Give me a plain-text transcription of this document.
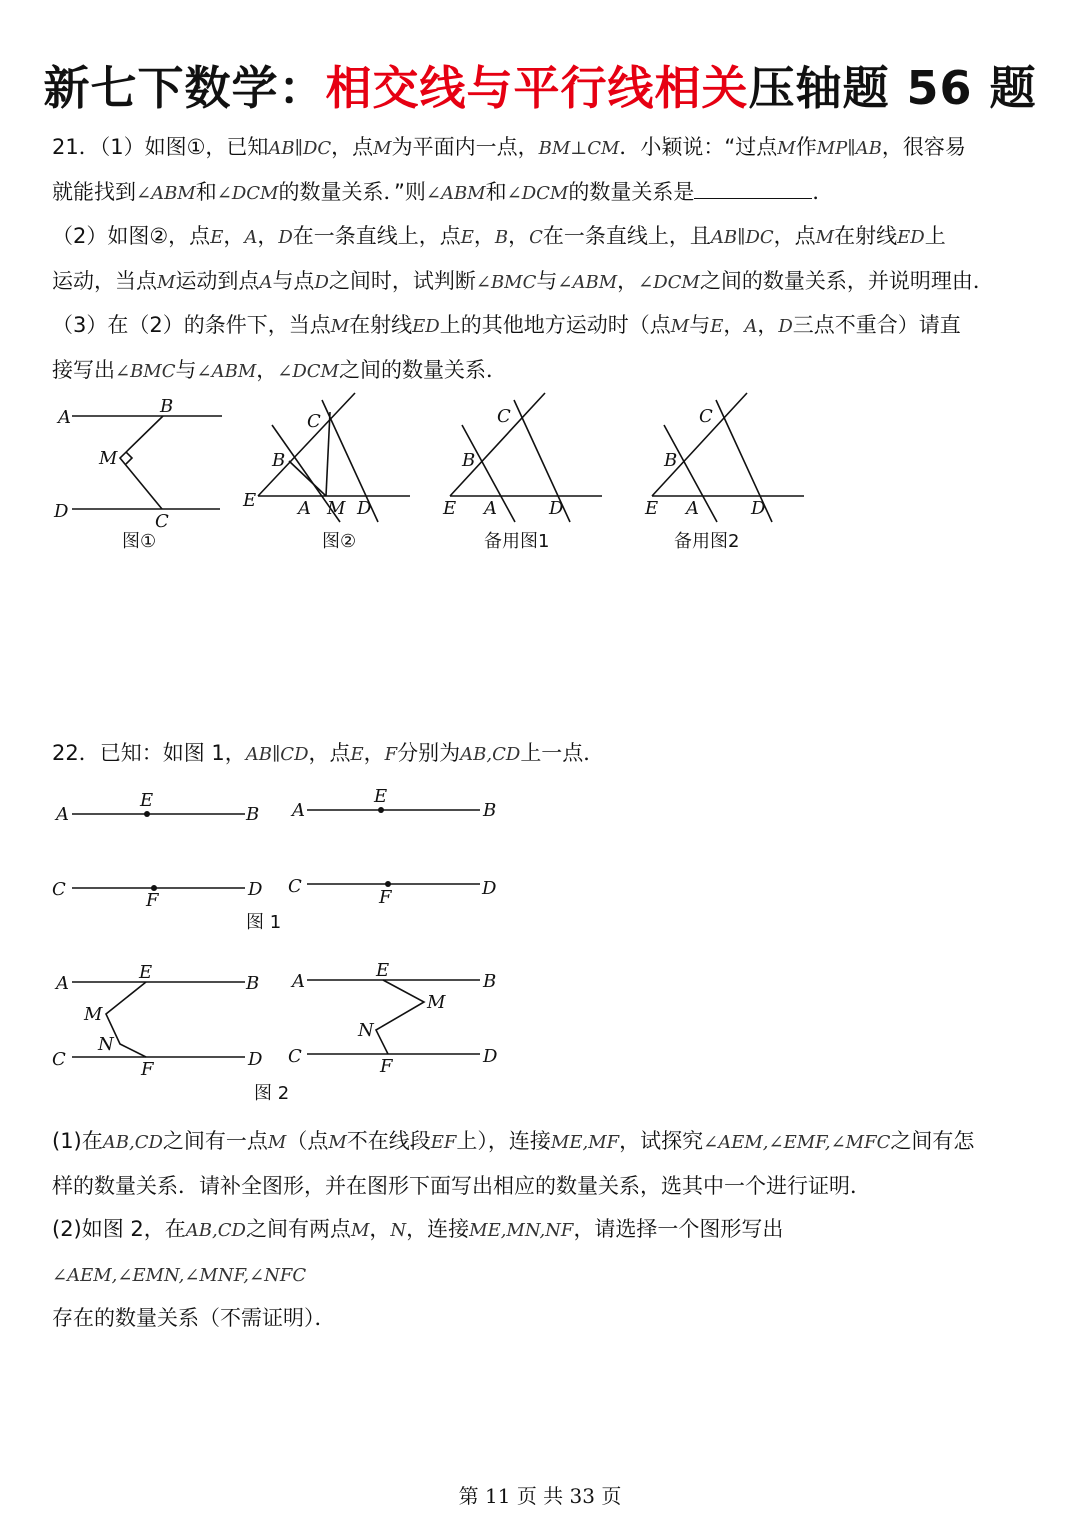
新七下数学：相交线与平行线相关压轴题 56 题

21．（1）如图①，已知AB∥DC，点M为平面内一点，BM⊥CM．小颖说：“过点M作MP∥AB，很容易

就能找到∠ABM和∠DCM的数量关系．”则∠ABM和∠DCM的数量关系是	．

（2）如图②，点E，A，D在一条直线上，点E，B，C在一条直线上，且AB∥DC，点M在射线ED上

运动，当点M运动到点A与点D之间时，试判断∠BMC与∠ABM，∠DCM之间的数量关系，并说明理由．

（3）在（2）的条件下，当点M在射线ED上的其他地方运动时（点M与E，A，D三点不重合）请直

接写出∠BMC与∠ABM，∠DCM之间的数量关系．

A
B
M
D	C
图①
C
B
E A M D
图②
C
B
E A	D
备用图1
C
B
E A	D
备用图2

22．已知：如图 1，AB∥CD，点E，F分别为AB,CD上一点．

A
E
B
C
F
D
A
E
B
C
F	D
图 1
A
E
B
M
N
C	F	D
A
E
B
M
N
C	F	D
图 2

(1)在AB,CD之间有一点M（点M不在线段EF上），连接ME,MF，试探究∠AEM,∠EMF,∠MFC之间有怎

样的数量关系．请补全图形，并在图形下面写出相应的数量关系，选其中一个进行证明．

(2)如图 2，在AB,CD之间有两点M，N，连接ME,MN,NF，请选择一个图形写出∠AEM,∠EMN,∠MNF,∠NFC

存在的数量关系（不需证明）．

第 11 页 共 33 页
